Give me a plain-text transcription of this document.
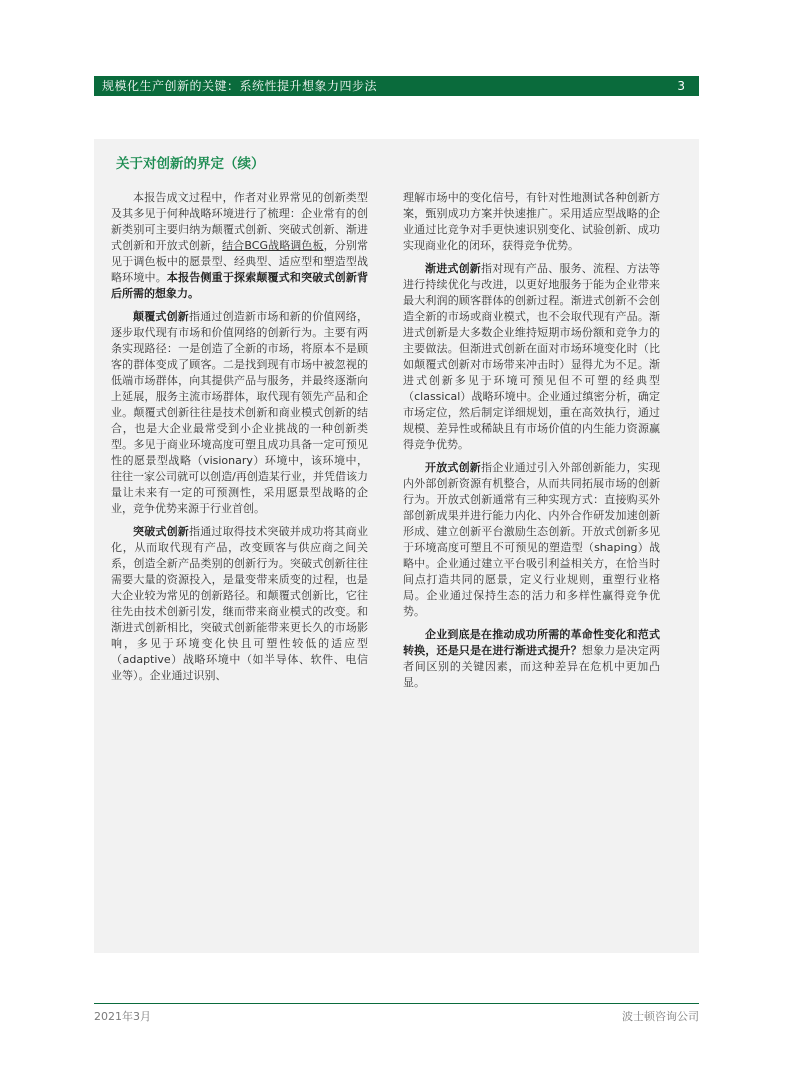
规模化生产创新的关键：系统性提升想象力四步法	3
关于对创新的界定（续）

本报告成文过程中，作者对业界常见的创新类型及其多见于何种战略环境进行了梳理：企业常有的创新类别可主要归纳为颠覆式创新、突破式创新、渐进式创新和开放式创新，结合BCG战略调色板，分别常见于调色板中的愿景型、经典型、适应型和塑造型战略环境中。本报告侧重于探索颠覆式和突破式创新背后所需的想象力。

颠覆式创新指通过创造新市场和新的价值网络，逐步取代现有市场和价值网络的创新行为。主要有两条实现路径：一是创造了全新的市场，将原本不是顾客的群体变成了顾客。二是找到现有市场中被忽视的低端市场群体，向其提供产品与服务，并最终逐渐向上延展，服务主流市场群体，取代现有领先产品和企业。颠覆式创新往往是技术创新和商业模式创新的结合，也是大企业最常受到小企业挑战的一种创新类型。多见于商业环境高度可塑且成功具备一定可预见性的愿景型战略（visionary）环境中，该环境中，往往一家公司就可以创造/再创造某行业，并凭借该力量让未来有一定的可预测性，采用愿景型战略的企业，竞争优势来源于行业首创。

突破式创新指通过取得技术突破并成功将其商业化，从而取代现有产品，改变顾客与供应商之间关系，创造全新产品类别的创新行为。突破式创新往往需要大量的资源投入，是量变带来质变的过程，也是大企业较为常见的创新路径。和颠覆式创新比，它往往先由技术创新引发，继而带来商业模式的改变。和渐进式创新相比，突破式创新能带来更长久的市场影响，多见于环境变化快且可塑性较低的适应型（adaptive）战略环境中（如半导体、软件、电信业等）。企业通过识别、

理解市场中的变化信号，有针对性地测试各种创新方案，甄别成功方案并快速推广。采用适应型战略的企业通过比竞争对手更快速识别变化、试验创新、成功实现商业化的闭环，获得竞争优势。

渐进式创新指对现有产品、服务、流程、方法等进行持续优化与改进，以更好地服务于能为企业带来最大利润的顾客群体的创新过程。渐进式创新不会创造全新的市场或商业模式，也不会取代现有产品。渐进式创新是大多数企业维持短期市场份额和竞争力的主要做法。但渐进式创新在面对市场环境变化时（比如颠覆式创新对市场带来冲击时）显得尤为不足。渐进式创新多见于环境可预见但不可塑的经典型（classical）战略环境中。企业通过缜密分析，确定市场定位，然后制定详细规划，重在高效执行，通过规模、差异性或稀缺且有市场价值的内生能力资源赢得竞争优势。

开放式创新指企业通过引入外部创新能力，实现内外部创新资源有机整合，从而共同拓展市场的创新行为。开放式创新通常有三种实现方式：直接购买外部创新成果并进行能力内化、内外合作研发加速创新形成、建立创新平台激励生态创新。开放式创新多见于环境高度可塑且不可预见的塑造型（shaping）战略中。企业通过建立平台吸引利益相关方，在恰当时间点打造共同的愿景，定义行业规则，重塑行业格局。企业通过保持生态的活力和多样性赢得竞争优势。

企业到底是在推动成功所需的革命性变化和范式转换，还是只是在进行渐进式提升？想象力是决定两者间区别的关键因素，而这种差异在危机中更加凸显。

2021年3月	波士顿咨询公司
